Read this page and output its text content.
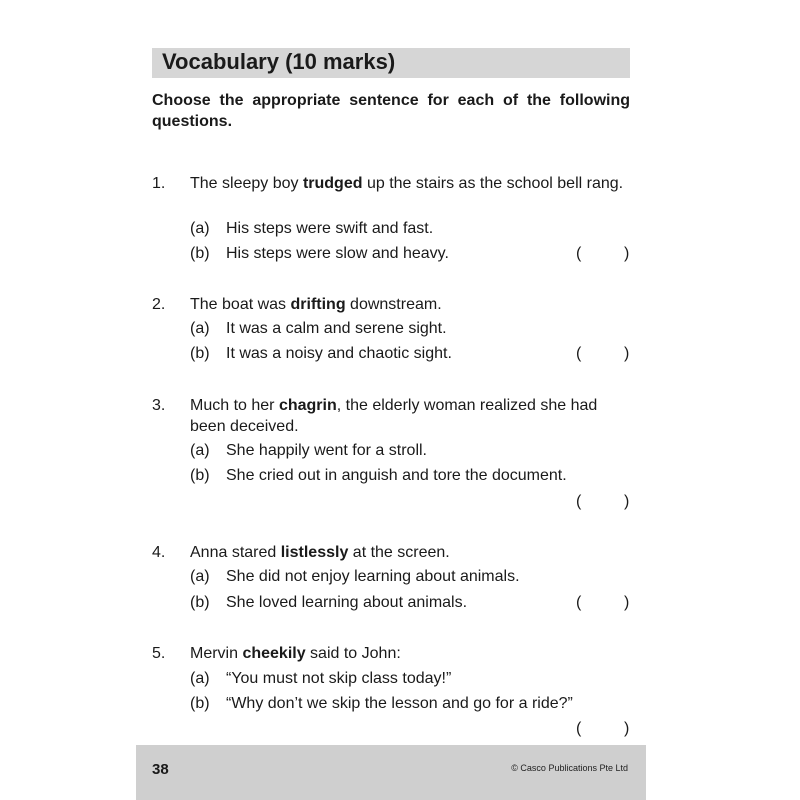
Vocabulary (10 marks)
Choose the appropriate sentence for each of the following
questions.
1. The sleepy boy trudged up the stairs as the school bell rang.
(a) His steps were swift and fast.
(b) His steps were slow and heavy.	(	)
2. The boat was drifting downstream.
(a) It was a calm and serene sight.
(b) It was a noisy and chaotic sight.	(	)
3. Much to her chagrin, the elderly woman realized she had been deceived.
(a) She happily went for a stroll.
(b) She cried out in anguish and tore the document.
(	)
4. Anna stared listlessly at the screen.
(a) She did not enjoy learning about animals.
(b) She loved learning about animals.	(	)
5. Mervin cheekily said to John:
(a) “You must not skip class today!”
(b) “Why don’t we skip the lesson and go for a ride?”
(	)
38	© Casco Publications Pte Ltd
